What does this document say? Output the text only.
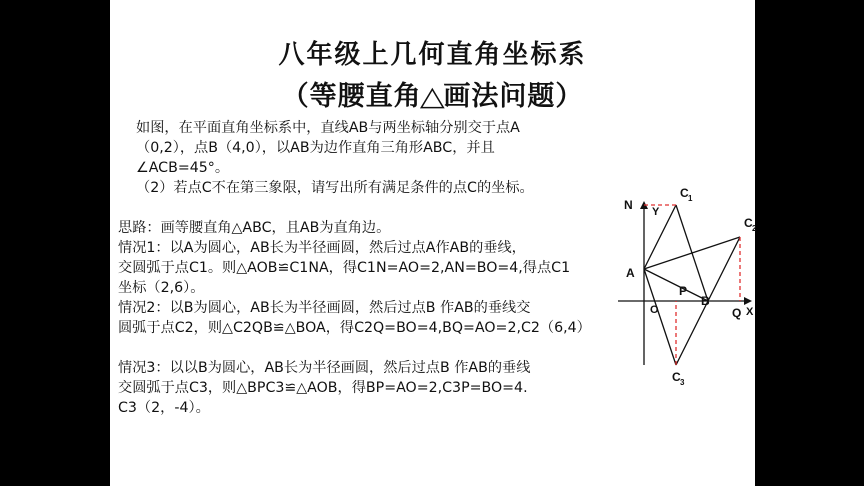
八年级上几何直角坐标系
（等腰直角△画法问题）

如图，在平面直角坐标系中，直线AB与两坐标轴分别交于点A

（0,2），点B（4,0），以AB为边作直角三角形ABC，并且

∠ACB=45°。

（2）若点C不在第三象限，请写出所有满足条件的点C的坐标。

思路：画等腰直角△ABC，且AB为直角边。

情况1：以A为圆心，AB长为半径画圆，然后过点A作AB的垂线，

交圆弧于点C1。则△AOB≌C1NA，得C1N=AO=2,AN=BO=4,得点C1

坐标（2,6）。

情况2：以B为圆心，AB长为半径画圆，然后过点B 作AB的垂线交

圆弧于点C2，则△C2QB≌△BOA，得C2Q=BO=4,BQ=AO=2,C2（6,4）

情况3：以以B为圆心，AB长为半径画圆，然后过点B 作AB的垂线

交圆弧于点C3，则△BPC3≌△AOB，得BP=AO=2,C3P=BO=4.

C3（2，-4）。

N
A
Y
O
B
P
Q X
C 1
C 2
C 3
